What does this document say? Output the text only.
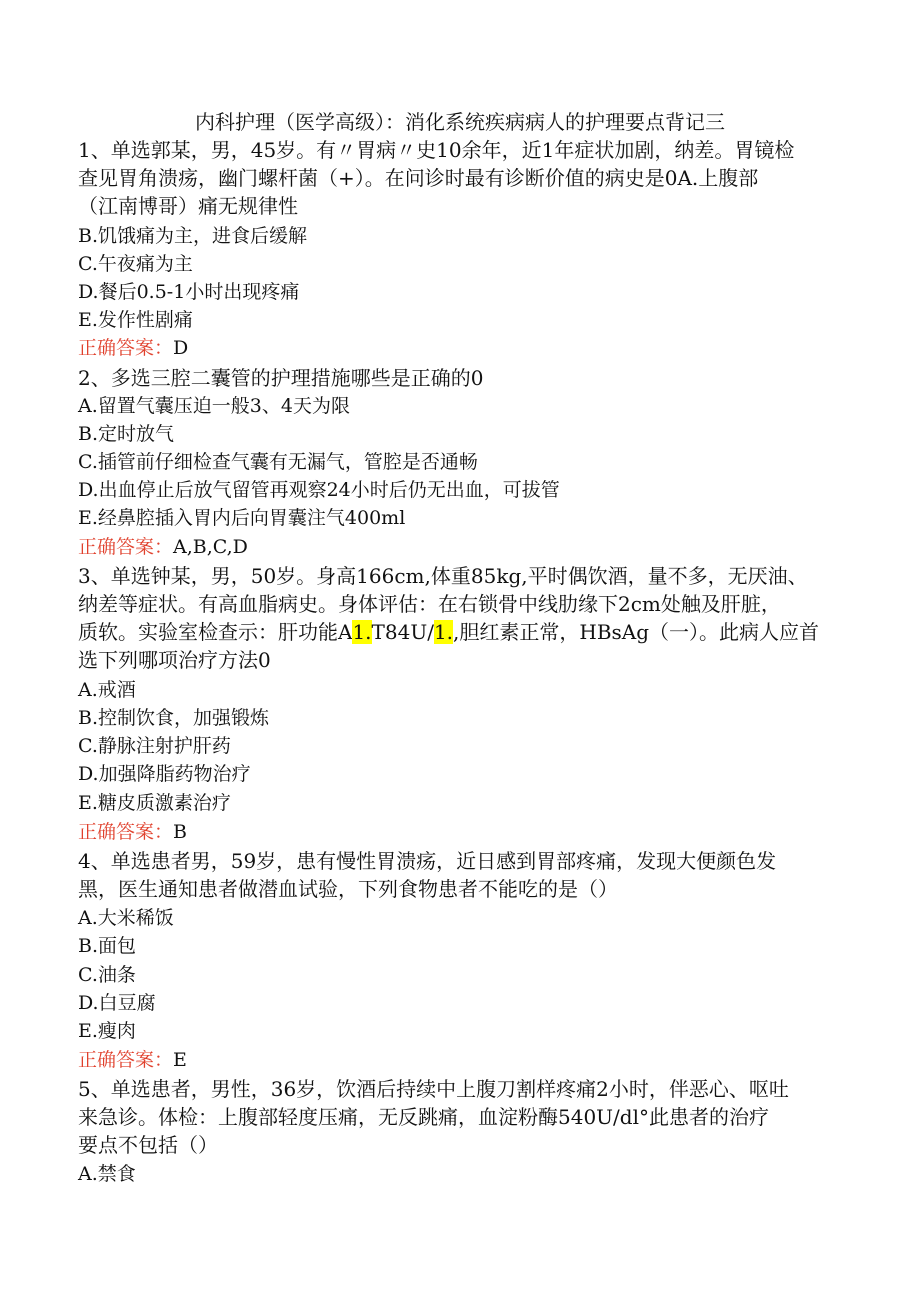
内科护理（医学高级）：消化系统疾病病人的护理要点背记三
1、单选郭某，男，45岁。有〃胃病〃史10余年，近1年症状加剧，纳差。胃镜检
查见胃角溃疡，幽门螺杆菌（+）。在问诊时最有诊断价值的病史是0A.上腹部
（江南博哥）痛无规律性
B.饥饿痛为主，进食后缓解
C.午夜痛为主
D.餐后0.5-1小时出现疼痛
E.发作性剧痛
正确答案：D
2、多选三腔二囊管的护理措施哪些是正确的0
A.留置气囊压迫一般3、4天为限
B.定时放气
C.插管前仔细检查气囊有无漏气，管腔是否通畅
D.出血停止后放气留管再观察24小时后仍无出血，可拔管
E.经鼻腔插入胃内后向胃囊注气400ml
正确答案：A,B,C,D
3、单选钟某，男，50岁。身高166cm,体重85kg,平时偶饮酒，量不多，无厌油、
纳差等症状。有高血脂病史。身体评估：在右锁骨中线肋缘下2cm处触及肝脏，
质软。实验室检查示：肝功能A1.T84U/1.,胆红素正常，HBsAg（一）。此病人应首
选下列哪项治疗方法0
A.戒酒
B.控制饮食，加强锻炼
C.静脉注射护肝药
D.加强降脂药物治疗
E.糖皮质激素治疗
正确答案：B
4、单选患者男，59岁，患有慢性胃溃疡，近日感到胃部疼痛，发现大便颜色发
黑，医生通知患者做潜血试验，下列食物患者不能吃的是（）
A.大米稀饭
B.面包
C.油条
D.白豆腐
E.瘦肉
正确答案：E
5、单选患者，男性，36岁，饮酒后持续中上腹刀割样疼痛2小时，伴恶心、呕吐
来急诊。体检：上腹部轻度压痛，无反跳痛，血淀粉酶540U/dl°此患者的治疗
要点不包括（）
A.禁食
